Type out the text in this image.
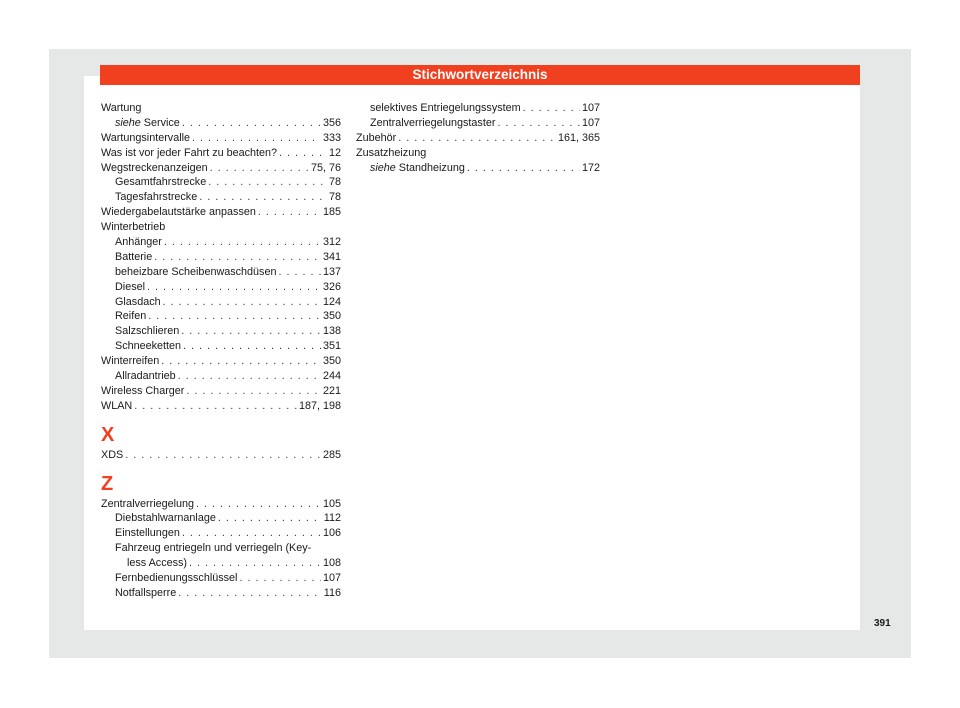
Stichwortverzeichnis
Wartung
siehe Service . . .	356
Wartungsintervalle . . .	333
Was ist vor jeder Fahrt zu beachten? . . .	12
Wegstreckenanzeigen . . .	75, 76
Gesamtfahrstrecke . . .	78
Tagesfahrstrecke . . .	78
Wiedergabelautstärke anpassen . . .	185
Winterbetrieb
Anhänger . . .	312
Batterie . . .	341
beheizbare Scheibenwaschdüsen . . .	137
Diesel . . .	326
Glasdach . . .	124
Reifen . . .	350
Salzschlieren . . .	138
Schneeketten . . .	351
Winterreifen . . .	350
Allradantrieb . . .	244
Wireless Charger . . .	221
WLAN . . .	187, 198
X
XDS . . .	285
Z
Zentralverriegelung . . .	105
Diebstahlwarnanlage . . .	112
Einstellungen . . .	106
Fahrzeug entriegeln und verriegeln (Key-
less Access) . . .	108
Fernbedienungsschlüssel . . .	107
Notfallsperre . . .	116
selektives Entriegelungssystem . . .	107
Zentralverriegelungstaster . . .	107
Zubehör . . .	161, 365
Zusatzheizung
siehe Standheizung . . .	172
391
